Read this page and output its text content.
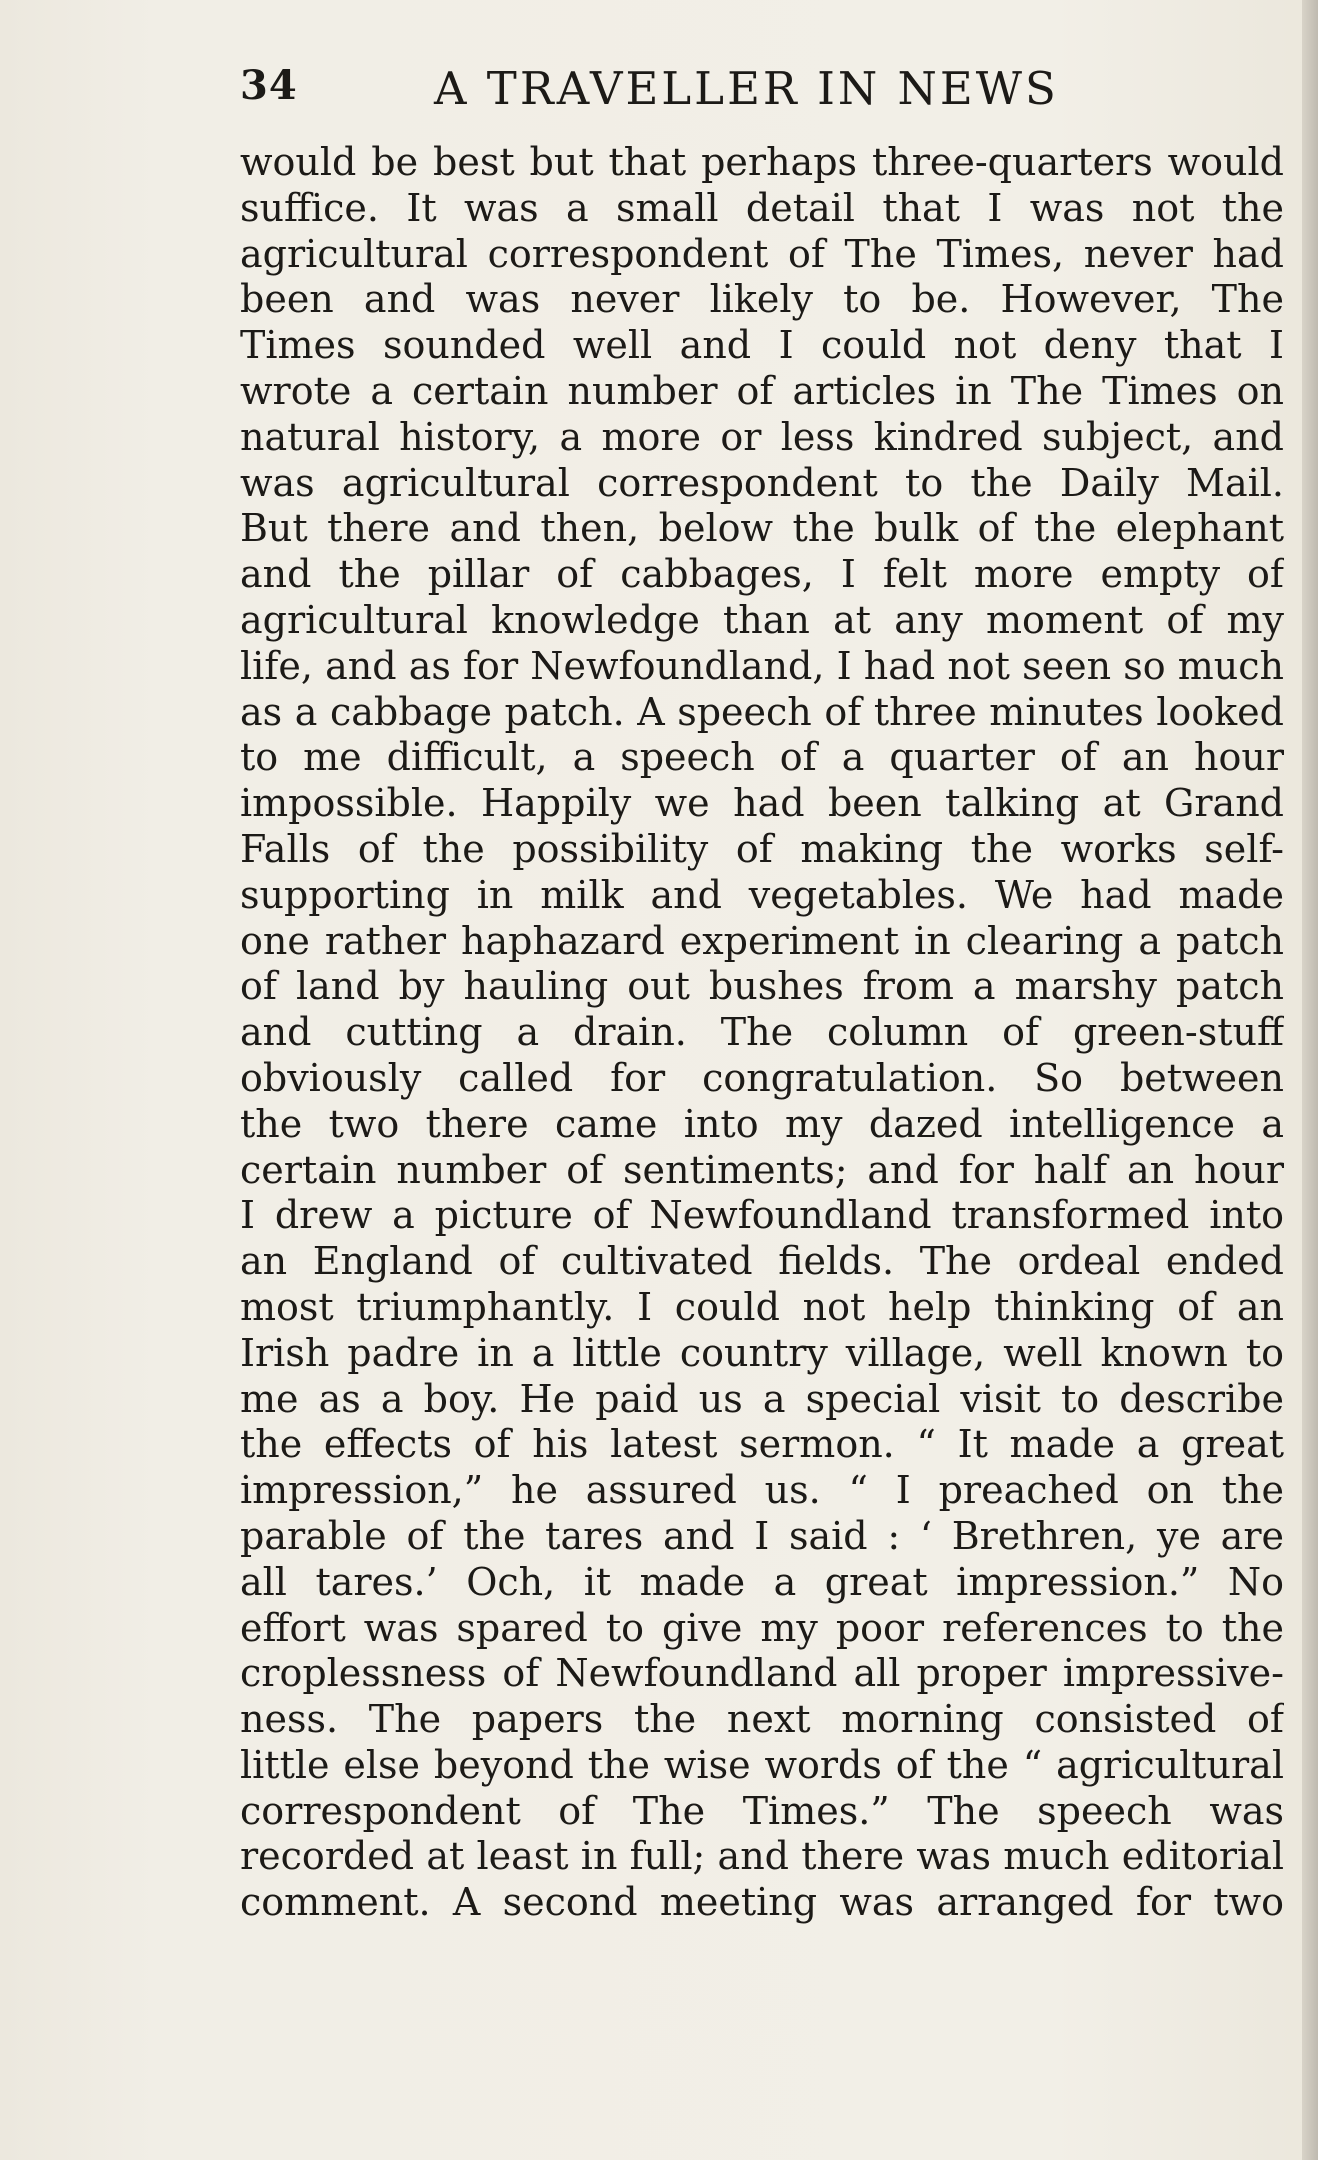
34	A TRAVELLER IN NEWS
would be best but that perhaps three-quarters would
suffice. It was a small detail that I was not the
agricultural correspondent of The Times, never had
been and was never likely to be. However, The
Times sounded well and I could not deny that I
wrote a certain number of articles in The Times on
natural history, a more or less kindred subject, and
was agricultural correspondent to the Daily Mail.
But there and then, below the bulk of the elephant
and the pillar of cabbages, I felt more empty of
agricultural knowledge than at any moment of my
life, and as for Newfoundland, I had not seen so much
as a cabbage patch. A speech of three minutes looked
to me difficult, a speech of a quarter of an hour
impossible. Happily we had been talking at Grand
Falls of the possibility of making the works self-
supporting in milk and vegetables. We had made
one rather haphazard experiment in clearing a patch
of land by hauling out bushes from a marshy patch
and cutting a drain. The column of green-stuff
obviously called for congratulation. So between
the two there came into my dazed intelligence a
certain number of sentiments; and for half an hour
I drew a picture of Newfoundland transformed into
an England of cultivated fields. The ordeal ended
most triumphantly. I could not help thinking of an
Irish padre in a little country village, well known to
me as a boy. He paid us a special visit to describe
the effects of his latest sermon. “ It made a great
impression,” he assured us. “ I preached on the
parable of the tares and I said : ‘ Brethren, ye are
all tares.’ Och, it made a great impression.” No
effort was spared to give my poor references to the
croplessness of Newfoundland all proper impressive-
ness. The papers the next morning consisted of
little else beyond the wise words of the “ agricultural
correspondent of The Times.” The speech was
recorded at least in full; and there was much editorial
comment. A second meeting was arranged for two
